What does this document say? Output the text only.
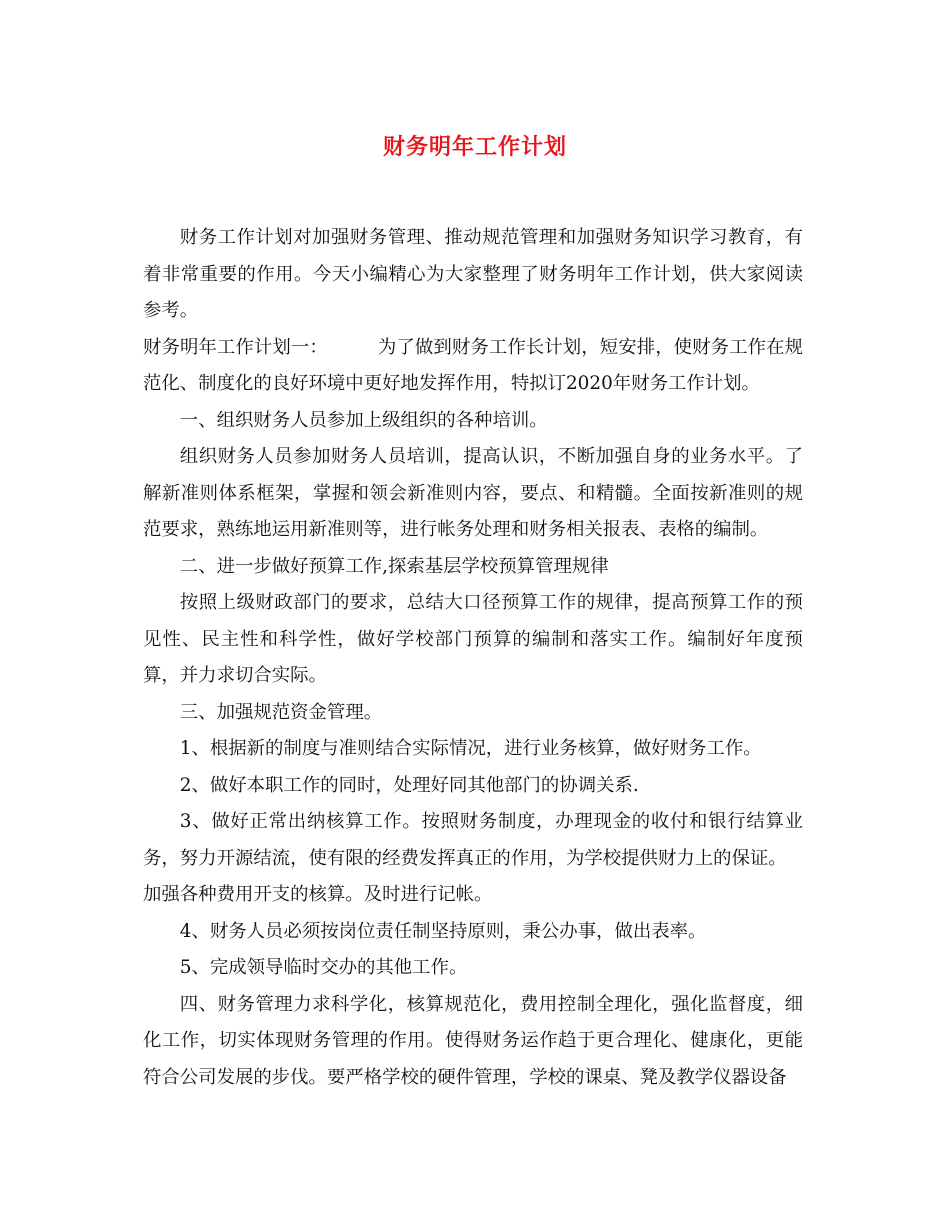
财务明年工作计划

财务工作计划对加强财务管理、推动规范管理和加强财务知识学习教育，有着非常重要的作用。今天小编精心为大家整理了财务明年工作计划，供大家阅读参考。

财务明年工作计划一：	为了做到财务工作长计划，短安排，使财务工作在规范化、制度化的良好环境中更好地发挥作用，特拟订2020年财务工作计划。

一、组织财务人员参加上级组织的各种培训。

组织财务人员参加财务人员培训，提高认识，不断加强自身的业务水平。了解新准则体系框架，掌握和领会新准则内容，要点、和精髓。全面按新准则的规范要求，熟练地运用新准则等，进行帐务处理和财务相关报表、表格的编制。

二、进一步做好预算工作,探索基层学校预算管理规律

按照上级财政部门的要求，总结大口径预算工作的规律，提高预算工作的预见性、民主性和科学性，做好学校部门预算的编制和落实工作。编制好年度预算，并力求切合实际。

三、加强规范资金管理。

1、根据新的制度与准则结合实际情况，进行业务核算，做好财务工作。

2、做好本职工作的同时，处理好同其他部门的协调关系.

3、做好正常出纳核算工作。按照财务制度，办理现金的收付和银行结算业务，努力开源结流，使有限的经费发挥真正的作用，为学校提供财力上的保证。

加强各种费用开支的核算。及时进行记帐。

4、财务人员必须按岗位责任制坚持原则，秉公办事，做出表率。

5、完成领导临时交办的其他工作。

四、财务管理力求科学化，核算规范化，费用控制全理化，强化监督度，细化工作，切实体现财务管理的作用。使得财务运作趋于更合理化、健康化，更能符合公司发展的步伐。要严格学校的硬件管理，学校的课桌、凳及教学仪器设备
